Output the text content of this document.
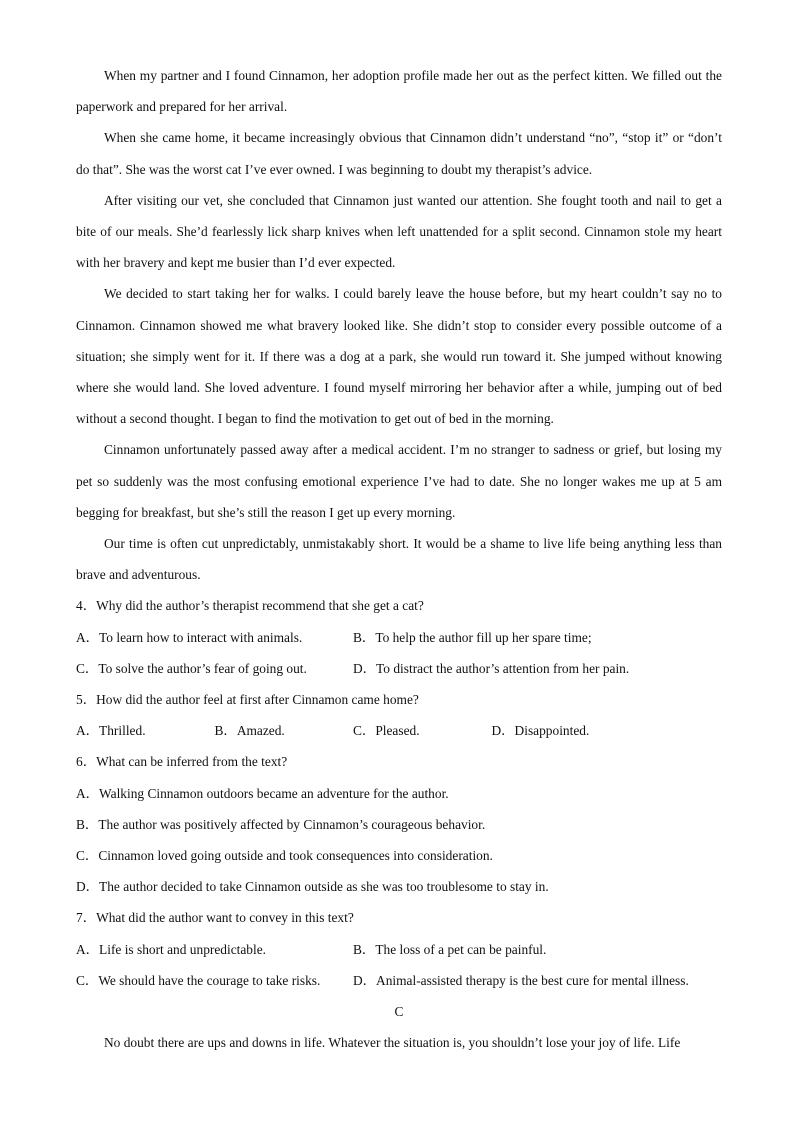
When my partner and I found Cinnamon, her adoption profile made her out as the perfect kitten. We filled out the paperwork and prepared for her arrival.

When she came home, it became increasingly obvious that Cinnamon didn’t understand “no”, “stop it” or “don’t do that”. She was the worst cat I’ve ever owned. I was beginning to doubt my therapist’s advice.

After visiting our vet, she concluded that Cinnamon just wanted our attention. She fought tooth and nail to get a bite of our meals. She’d fearlessly lick sharp knives when left unattended for a split second. Cinnamon stole my heart with her bravery and kept me busier than I’d ever expected.

We decided to start taking her for walks. I could barely leave the house before, but my heart couldn’t say no to Cinnamon. Cinnamon showed me what bravery looked like. She didn’t stop to consider every possible outcome of a situation; she simply went for it. If there was a dog at a park, she would run toward it. She jumped without knowing where she would land. She loved adventure. I found myself mirroring her behavior after a while, jumping out of bed without a second thought. I began to find the motivation to get out of bed in the morning.

Cinnamon unfortunately passed away after a medical accident. I’m no stranger to sadness or grief, but losing my pet so suddenly was the most confusing emotional experience I’ve had to date. She no longer wakes me up at 5 am begging for breakfast, but she’s still the reason I get up every morning.

Our time is often cut unpredictably, unmistakably short. It would be a shame to live life being anything less than brave and adventurous.

4．Why did the author’s therapist recommend that she get a cat?

A．To learn how to interact with animals.	B．To help the author fill up her spare time;
C．To solve the author’s fear of going out.	D．To distract the author’s attention from her pain.

5．How did the author feel at first after Cinnamon came home?

A．Thrilled.	B．Amazed.	C．Pleased.	D．Disappointed.

6．What can be inferred from the text?

A．Walking Cinnamon outdoors became an adventure for the author.

B．The author was positively affected by Cinnamon’s courageous behavior.

C．Cinnamon loved going outside and took consequences into consideration.

D．The author decided to take Cinnamon outside as she was too troublesome to stay in.

7．What did the author want to convey in this text?

A．Life is short and unpredictable.	B．The loss of a pet can be painful.
C．We should have the courage to take risks.	D．Animal-assisted therapy is the best cure for mental illness.

C

No doubt there are ups and downs in life. Whatever the situation is, you shouldn’t lose your joy of life. Life
